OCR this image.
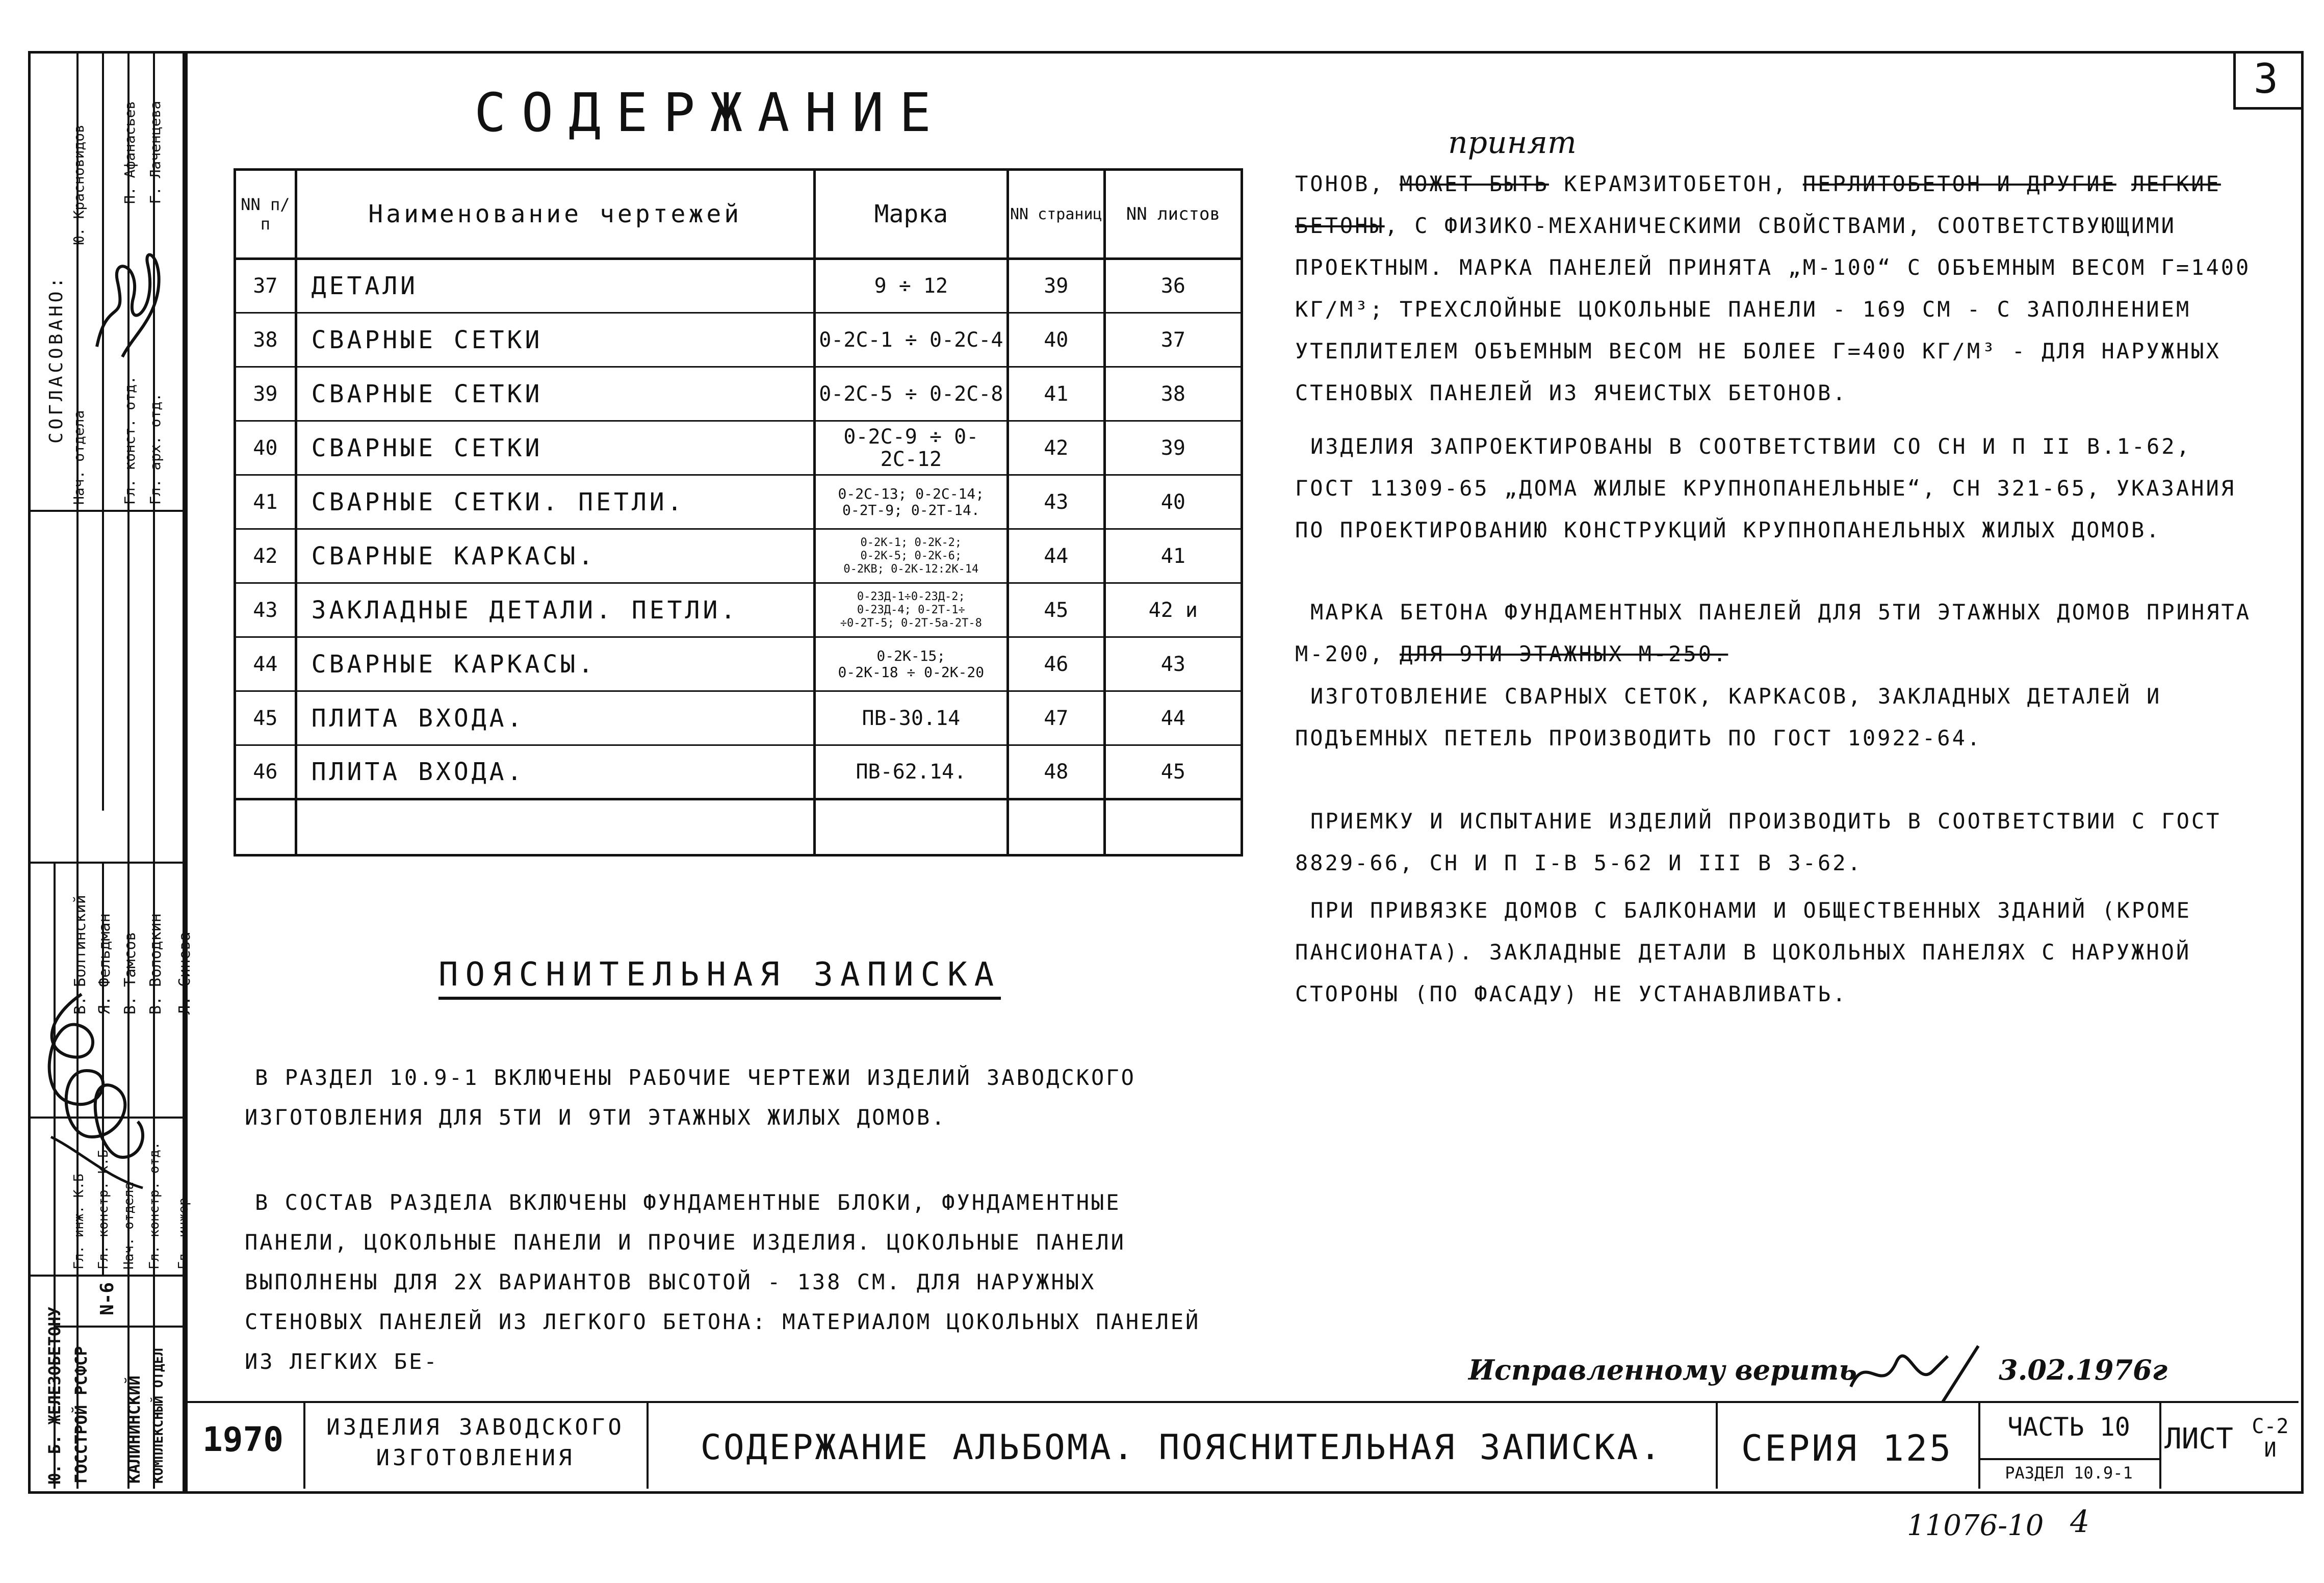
СОГЛАСОВАНО:
Нач. отдела Гл. конст. отд. Гл. арх. отд.
Ю. Красновидов П. Афанасьев Г. Лаченцева
В. Болтинский Я. Фельдман В. Тамсов В. Володкин Л. Синева
Гл. инж. К.Б Гл. констр. К.Б Нач. отдела Гл. констр. отд. Гл. инжер.
Ю. Б. ЖЕЛЕЗОБЕТОНУ ГОССТРОЙ РСФСР
N-6
КАЛИНИНСКИЙ КОМПЛЕКСНЫЙ ОТДЕЛ
3
СОДЕРЖАНИЕ
NN п/п	Наименование чертежей	Марка	NN страниц	NN листов
37	ДЕТАЛИ	9 ÷ 12	39	36
38	СВАРНЫЕ СЕТКИ	0-2С-1 ÷ 0-2С-4	40	37
39	СВАРНЫЕ СЕТКИ	0-2С-5 ÷ 0-2С-8	41	38
40	СВАРНЫЕ СЕТКИ	0-2С-9 ÷ 0-2С-12	42	39
41	СВАРНЫЕ СЕТКИ. ПЕТЛИ.	0-2С-13; 0-2С-14;
0-2Т-9; 0-2Т-14.	43	40
42	СВАРНЫЕ КАРКАСЫ.	0-2К-1; 0-2К-2;
0-2К-5; 0-2К-6;
0-2КВ; 0-2К-12:2К-14	44	41
43	ЗАКЛАДНЫЕ ДЕТАЛИ. ПЕТЛИ.	0-23Д-1÷0-23Д-2;
0-23Д-4; 0-2Т-1÷
÷0-2Т-5; 0-2Т-5а-2Т-8	45	42 и
44	СВАРНЫЕ КАРКАСЫ.	0-2К-15;
0-2К-18 ÷ 0-2К-20	46	43
45	ПЛИТА ВХОДА.	ПВ-30.14	47	44
46	ПЛИТА ВХОДА.	ПВ-62.14.	48	45

ПОЯСНИТЕЛЬНАЯ ЗАПИСКА
В РАЗДЕЛ 10.9-1 ВКЛЮЧЕНЫ РАБОЧИЕ ЧЕРТЕЖИ ИЗДЕЛИЙ ЗАВОДСКОГО ИЗГОТОВЛЕНИЯ ДЛЯ 5ТИ И 9ТИ ЭТАЖНЫХ ЖИЛЫХ ДОМОВ.
В СОСТАВ РАЗДЕЛА ВКЛЮЧЕНЫ ФУНДАМЕНТНЫЕ БЛОКИ, ФУНДАМЕНТНЫЕ ПАНЕЛИ, ЦОКОЛЬНЫЕ ПАНЕЛИ И ПРОЧИЕ ИЗДЕЛИЯ. ЦОКОЛЬНЫЕ ПАНЕЛИ ВЫПОЛНЕНЫ ДЛЯ 2Х ВАРИАНТОВ ВЫСОТОЙ - 138 СМ. ДЛЯ НАРУЖНЫХ СТЕНОВЫХ ПАНЕЛЕЙ ИЗ ЛЕГКОГО БЕТОНА: МАТЕРИАЛОМ ЦОКОЛЬНЫХ ПАНЕЛЕЙ ИЗ ЛЕГКИХ БЕ-
принят
ТОНОВ, МОЖЕТ БЫТЬ КЕРАМЗИТОБЕТОН, ПЕРЛИТОБЕТОН И ДРУГИЕ ЛЕГКИЕ БЕТОНЫ, С ФИЗИКО-МЕХАНИЧЕСКИМИ СВОЙСТВАМИ, СООТВЕТСТВУЮЩИМИ ПРОЕКТНЫМ. МАРКА ПАНЕЛЕЙ ПРИНЯТА „М-100“ С ОБЪЕМНЫМ ВЕСОМ Γ=1400 КГ/М³; ТРЕХСЛОЙНЫЕ ЦОКОЛЬНЫЕ ПАНЕЛИ - 169 СМ - С ЗАПОЛНЕНИЕМ УТЕПЛИТЕЛЕМ ОБЪЕМНЫМ ВЕСОМ НЕ БОЛЕЕ Γ=400 КГ/М³ - ДЛЯ НАРУЖНЫХ СТЕНОВЫХ ПАНЕЛЕЙ ИЗ ЯЧЕИСТЫХ БЕТОНОВ.
ИЗДЕЛИЯ ЗАПРОЕКТИРОВАНЫ В СООТВЕТСТВИИ СО СН И П II В.1-62, ГОСТ 11309-65 „ДОМА ЖИЛЫЕ КРУПНОПАНЕЛЬНЫЕ“, СН 321-65, УКАЗАНИЯ ПО ПРОЕКТИРОВАНИЮ КОНСТРУКЦИЙ КРУПНОПАНЕЛЬНЫХ ЖИЛЫХ ДОМОВ.
МАРКА БЕТОНА ФУНДАМЕНТНЫХ ПАНЕЛЕЙ ДЛЯ 5ТИ ЭТАЖНЫХ ДОМОВ ПРИНЯТА М-200, ДЛЯ 9ТИ ЭТАЖНЫХ М-250.
ИЗГОТОВЛЕНИЕ СВАРНЫХ СЕТОК, КАРКАСОВ, ЗАКЛАДНЫХ ДЕТАЛЕЙ И ПОДЪЕМНЫХ ПЕТЕЛЬ ПРОИЗВОДИТЬ ПО ГОСТ 10922-64.
ПРИЕМКУ И ИСПЫТАНИЕ ИЗДЕЛИЙ ПРОИЗВОДИТЬ В СООТВЕТСТВИИ С ГОСТ 8829-66, СН И П I-В 5-62 И III В 3-62.
ПРИ ПРИВЯЗКЕ ДОМОВ С БАЛКОНАМИ И ОБЩЕСТВЕННЫХ ЗДАНИЙ (КРОМЕ ПАНСИОНАТА). ЗАКЛАДНЫЕ ДЕТАЛИ В ЦОКОЛЬНЫХ ПАНЕЛЯХ С НАРУЖНОЙ СТОРОНЫ (ПО ФАСАДУ) НЕ УСТАНАВЛИВАТЬ.
Исправленному верить	3.02.1976г
1970	ИЗДЕЛИЯ ЗАВОДСКОГО ИЗГОТОВЛЕНИЯ	СОДЕРЖАНИЕ АЛЬБОМА. ПОЯСНИТЕЛЬНАЯ ЗАПИСКА.	СЕРИЯ 125
ЧАСТЬ 10
РАЗДЕЛ 10.9-1
ЛИСТ С-2 И
11076-10 4
